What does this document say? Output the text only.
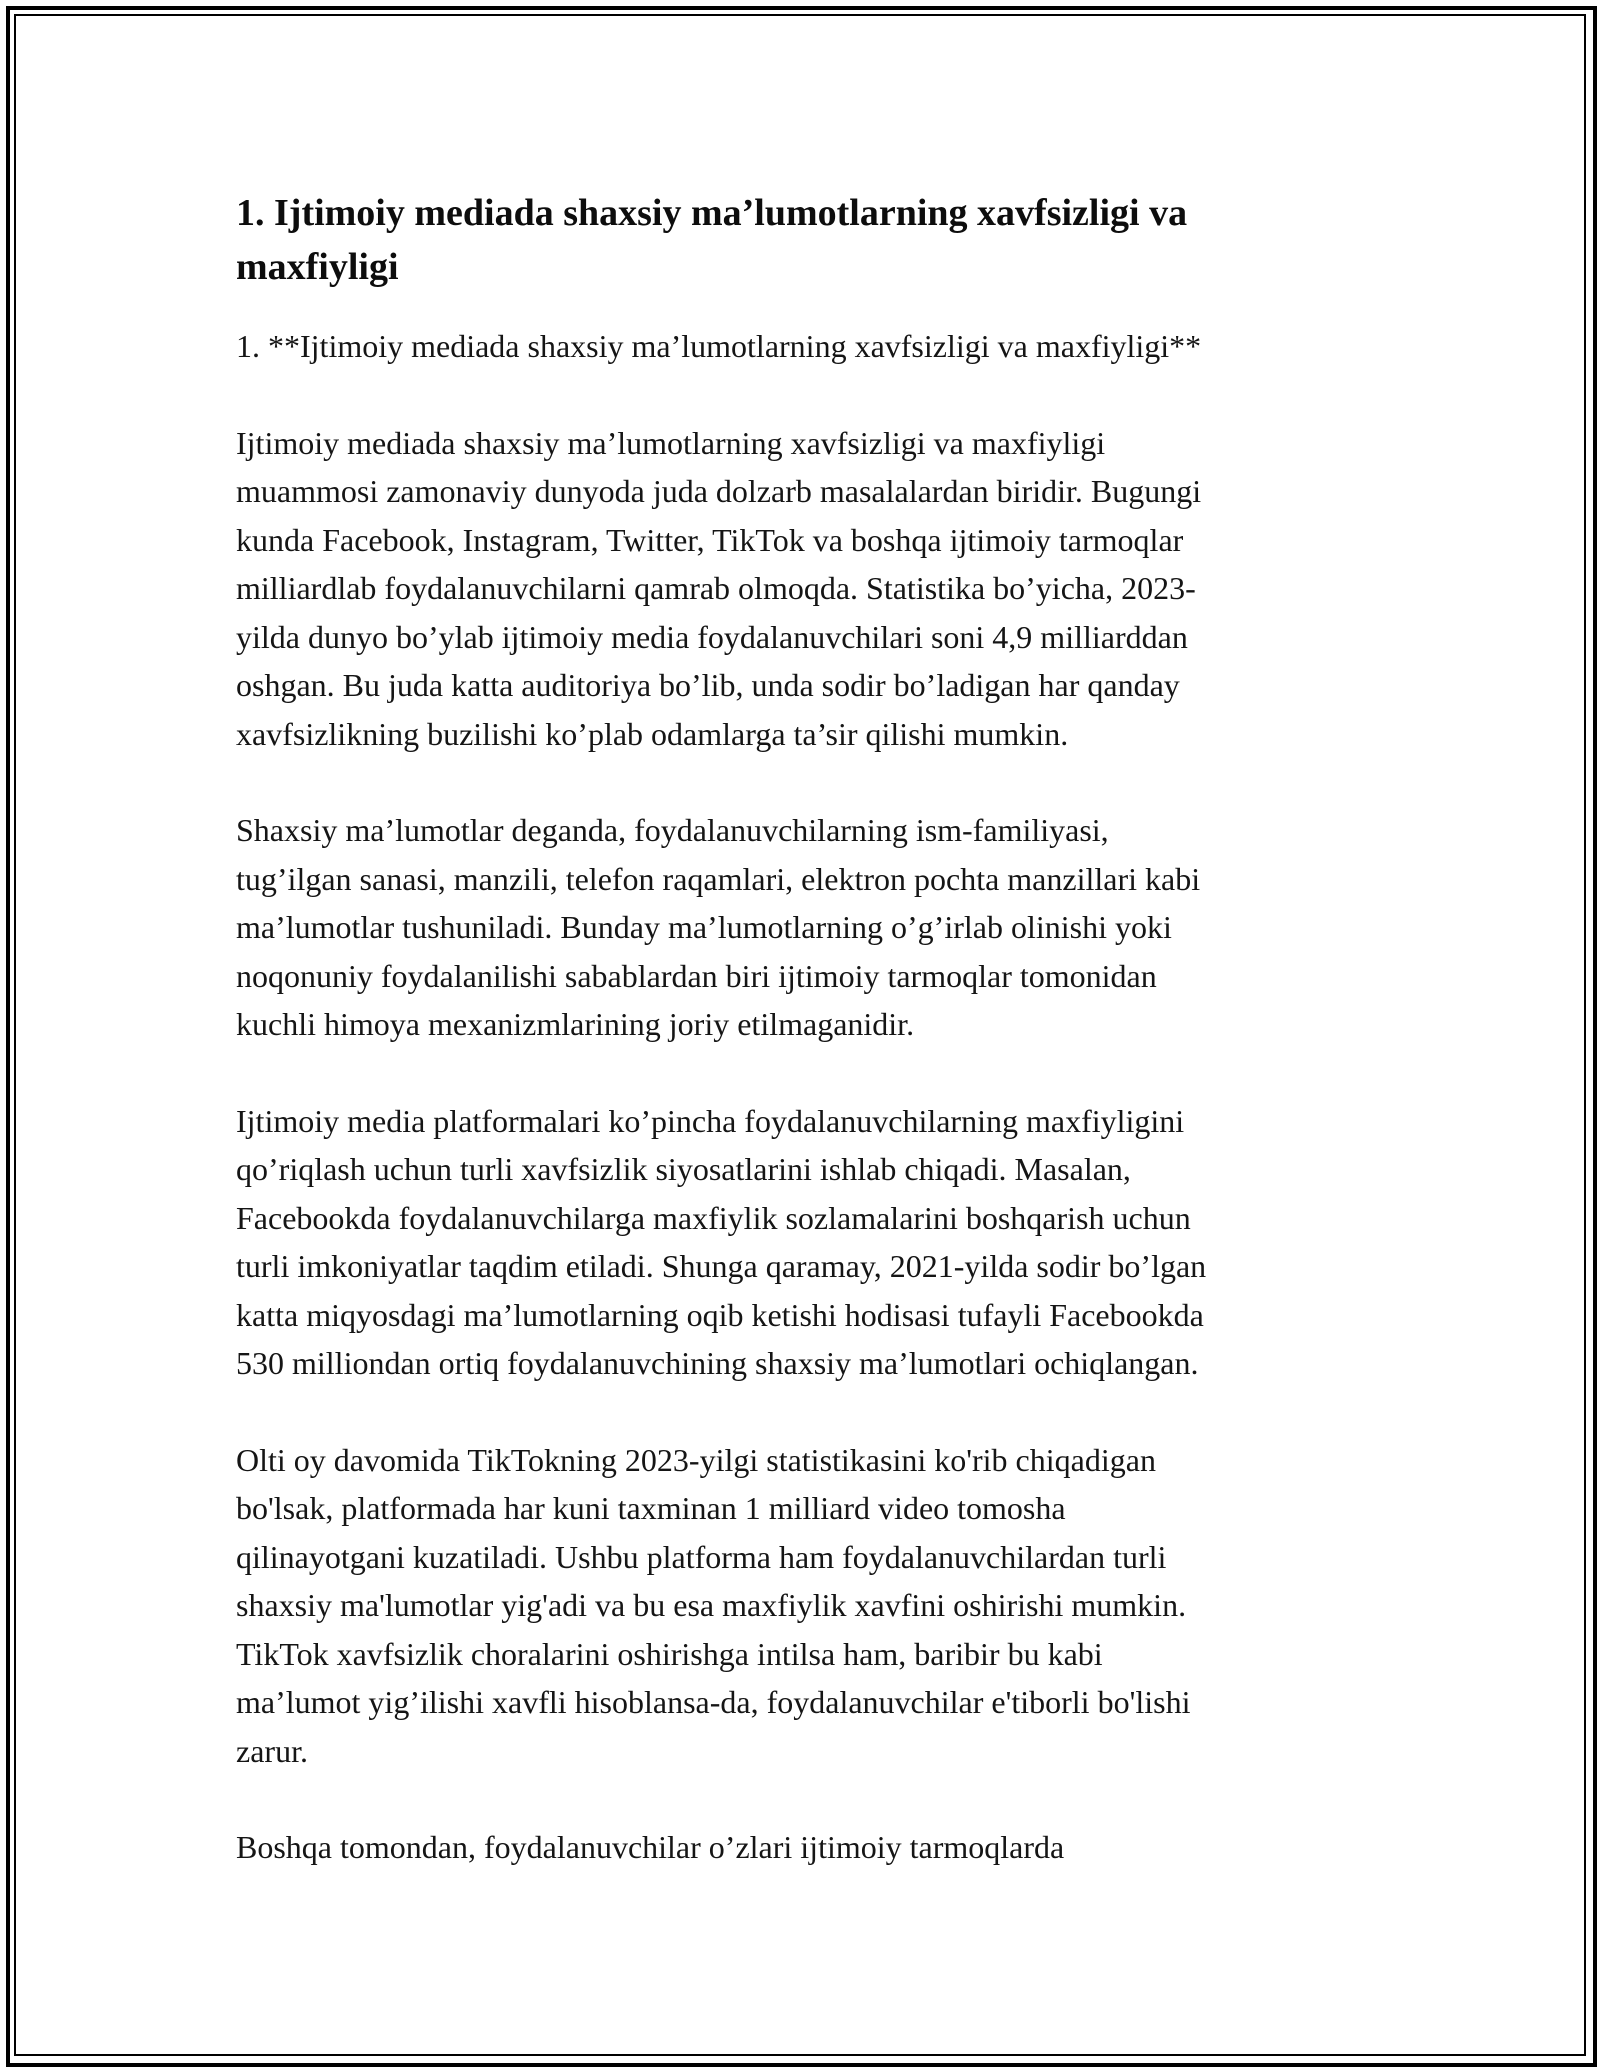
1. Ijtimoiy mediada shaxsiy ma’lumotlarning xavfsizligi va
maxfiyligi

1. **Ijtimoiy mediada shaxsiy ma’lumotlarning xavfsizligi va maxfiyligi**

Ijtimoiy mediada shaxsiy ma’lumotlarning xavfsizligi va maxfiyligi
muammosi zamonaviy dunyoda juda dolzarb masalalardan biridir. Bugungi
kunda Facebook, Instagram, Twitter, TikTok va boshqa ijtimoiy tarmoqlar
milliardlab foydalanuvchilarni qamrab olmoqda. Statistika bo’yicha, 2023-
yilda dunyo bo’ylab ijtimoiy media foydalanuvchilari soni 4,9 milliarddan
oshgan. Bu juda katta auditoriya bo’lib, unda sodir bo’ladigan har qanday
xavfsizlikning buzilishi ko’plab odamlarga ta’sir qilishi mumkin.

Shaxsiy ma’lumotlar deganda, foydalanuvchilarning ism-familiyasi,
tug’ilgan sanasi, manzili, telefon raqamlari, elektron pochta manzillari kabi
ma’lumotlar tushuniladi. Bunday ma’lumotlarning o’g’irlab olinishi yoki
noqonuniy foydalanilishi sabablardan biri ijtimoiy tarmoqlar tomonidan
kuchli himoya mexanizmlarining joriy etilmaganidir.

Ijtimoiy media platformalari ko’pincha foydalanuvchilarning maxfiyligini
qo’riqlash uchun turli xavfsizlik siyosatlarini ishlab chiqadi. Masalan,
Facebookda foydalanuvchilarga maxfiylik sozlamalarini boshqarish uchun
turli imkoniyatlar taqdim etiladi. Shunga qaramay, 2021-yilda sodir bo’lgan
katta miqyosdagi ma’lumotlarning oqib ketishi hodisasi tufayli Facebookda
530 milliondan ortiq foydalanuvchining shaxsiy ma’lumotlari ochiqlangan.

Olti oy davomida TikTokning 2023-yilgi statistikasini ko'rib chiqadigan
bo'lsak, platformada har kuni taxminan 1 milliard video tomosha
qilinayotgani kuzatiladi. Ushbu platforma ham foydalanuvchilardan turli
shaxsiy ma'lumotlar yig'adi va bu esa maxfiylik xavfini oshirishi mumkin.
TikTok xavfsizlik choralarini oshirishga intilsa ham, baribir bu kabi
ma’lumot yig’ilishi xavfli hisoblansa-da, foydalanuvchilar e'tiborli bo'lishi
zarur.

Boshqa tomondan, foydalanuvchilar o’zlari ijtimoiy tarmoqlarda
